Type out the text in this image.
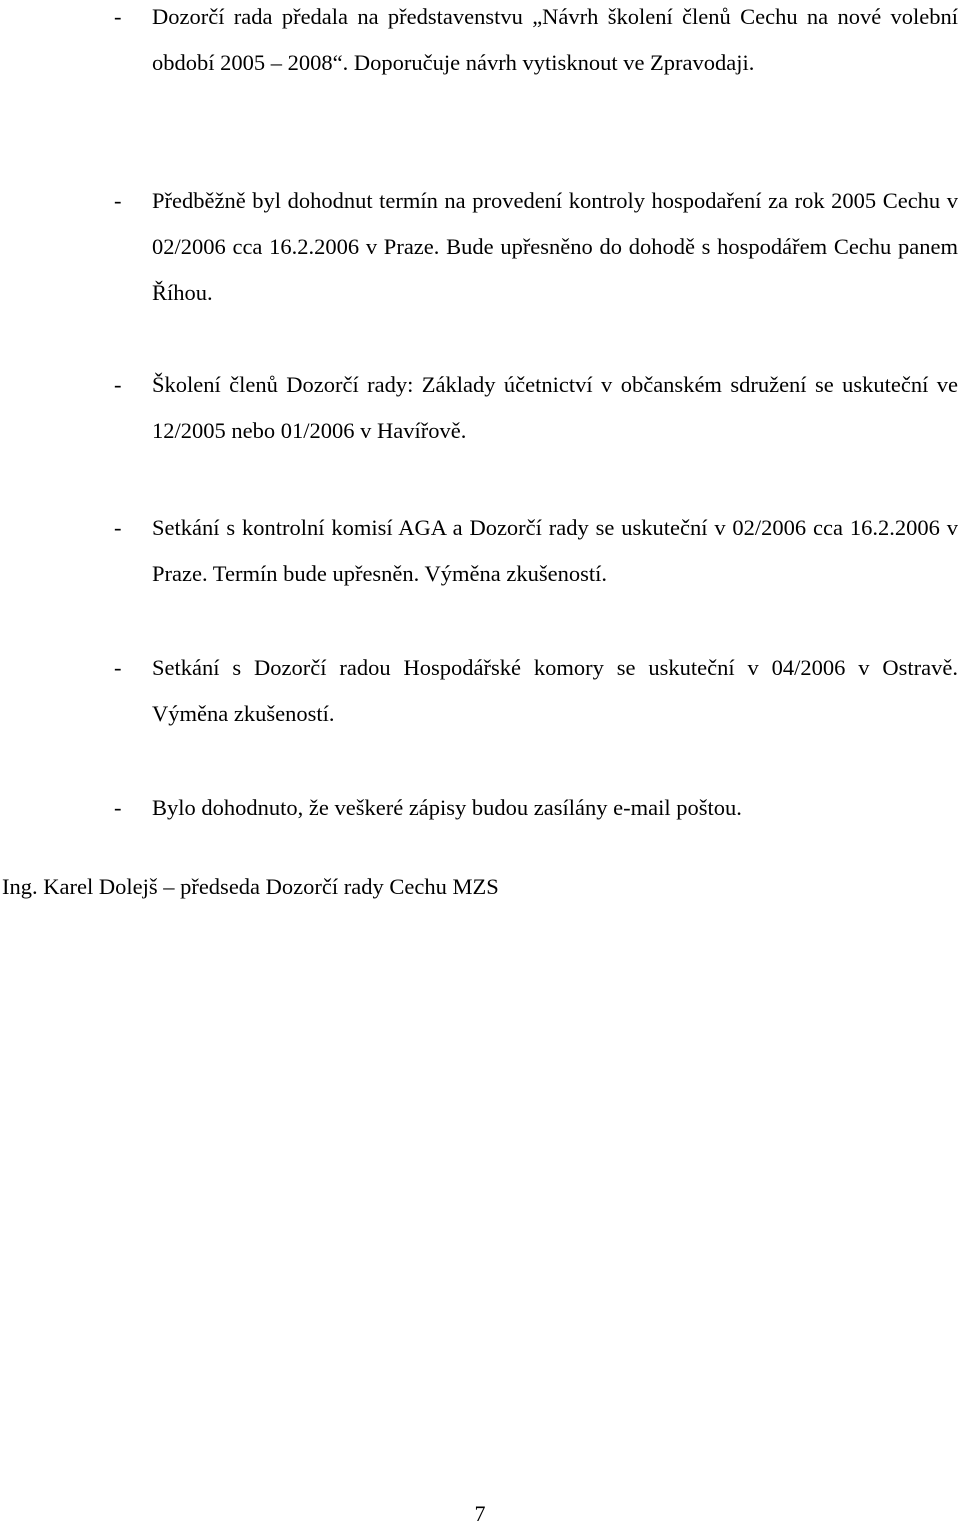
- Dozorčí rada předala na představenstvu „Návrh školení členů Cechu na nové volební období 2005 – 2008“. Doporučuje návrh vytisknout ve Zpravodaji.
- Předběžně byl dohodnut termín na provedení kontroly hospodaření za rok 2005 Cechu v 02/2006 cca 16.2.2006 v Praze. Bude upřesněno do dohodě s hospodářem Cechu panem Říhou.
- Školení členů Dozorčí rady: Základy účetnictví v občanském sdružení se uskuteční ve 12/2005 nebo 01/2006 v Havířově.
- Setkání s kontrolní komisí AGA a Dozorčí rady se uskuteční v 02/2006 cca 16.2.2006 v Praze. Termín bude upřesněn. Výměna zkušeností.
- Setkání s Dozorčí radou Hospodářské komory se uskuteční v 04/2006 v Ostravě. Výměna zkušeností.
- Bylo dohodnuto, že veškeré zápisy budou zasílány e-mail poštou.
Ing. Karel Dolejš – předseda Dozorčí rady Cechu MZS
7
